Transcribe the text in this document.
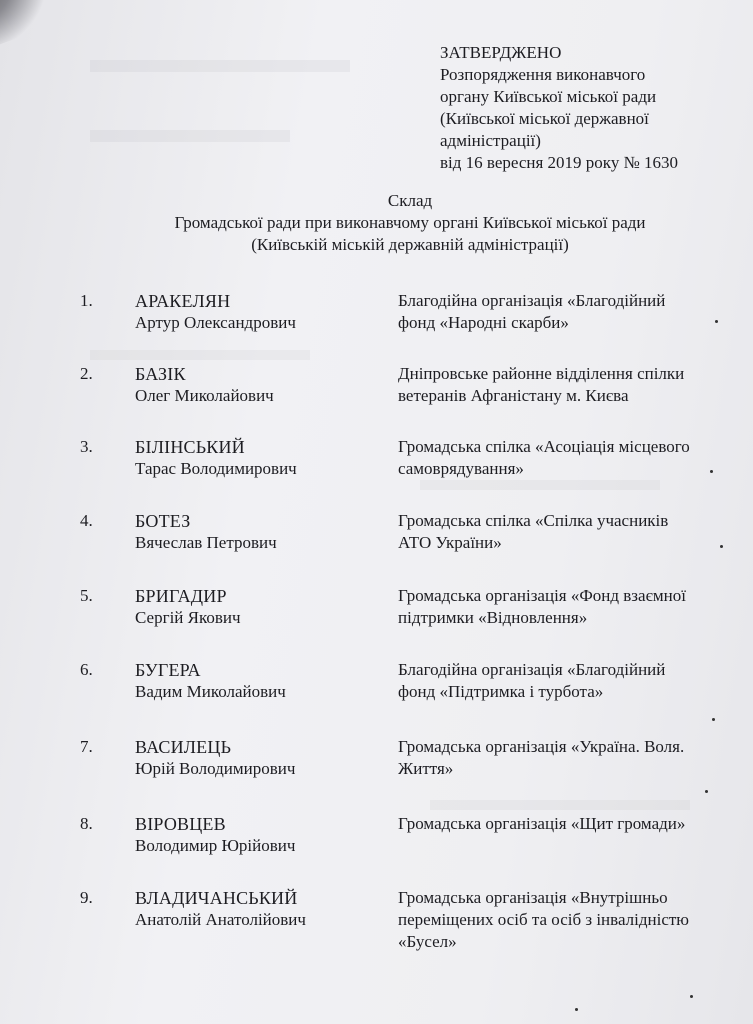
ЗАТВЕРДЖЕНО
Розпорядження виконавчого
органу Київської міської ради
(Київської міської державної
адміністрації)
від 16 вересня 2019 року № 1630
Склад
Громадської ради при виконавчому органі Київської міської ради
(Київській міській державній адміністрації)
1.	АРАКЕЛЯН
Артур Олександрович
Благодійна організація «Благодійний
фонд «Народні скарби»
2.	БАЗІК
Олег Миколайович
Дніпровське районне відділення спілки
ветеранів Афганістану м. Києва
3.	БІЛІНСЬКИЙ
Тарас Володимирович
Громадська спілка «Асоціація місцевого
самоврядування»
4.	БОТЕЗ
Вячеслав Петрович
Громадська спілка «Спілка учасників
АТО України»
5.	БРИГАДИР
Сергій Якович
Громадська організація «Фонд взаємної
підтримки «Відновлення»
6.	БУГЕРА
Вадим Миколайович
Благодійна організація «Благодійний
фонд «Підтримка і турбота»
7.	ВАСИЛЕЦЬ
Юрій Володимирович
Громадська організація «Україна. Воля.
Життя»
8.	ВІРОВЦЕВ
Володимир Юрійович
Громадська організація «Щит громади»
9.	ВЛАДИЧАНСЬКИЙ
Анатолій Анатолійович
Громадська організація «Внутрішньо
переміщених осіб та осіб з інвалідністю
«Бусел»
